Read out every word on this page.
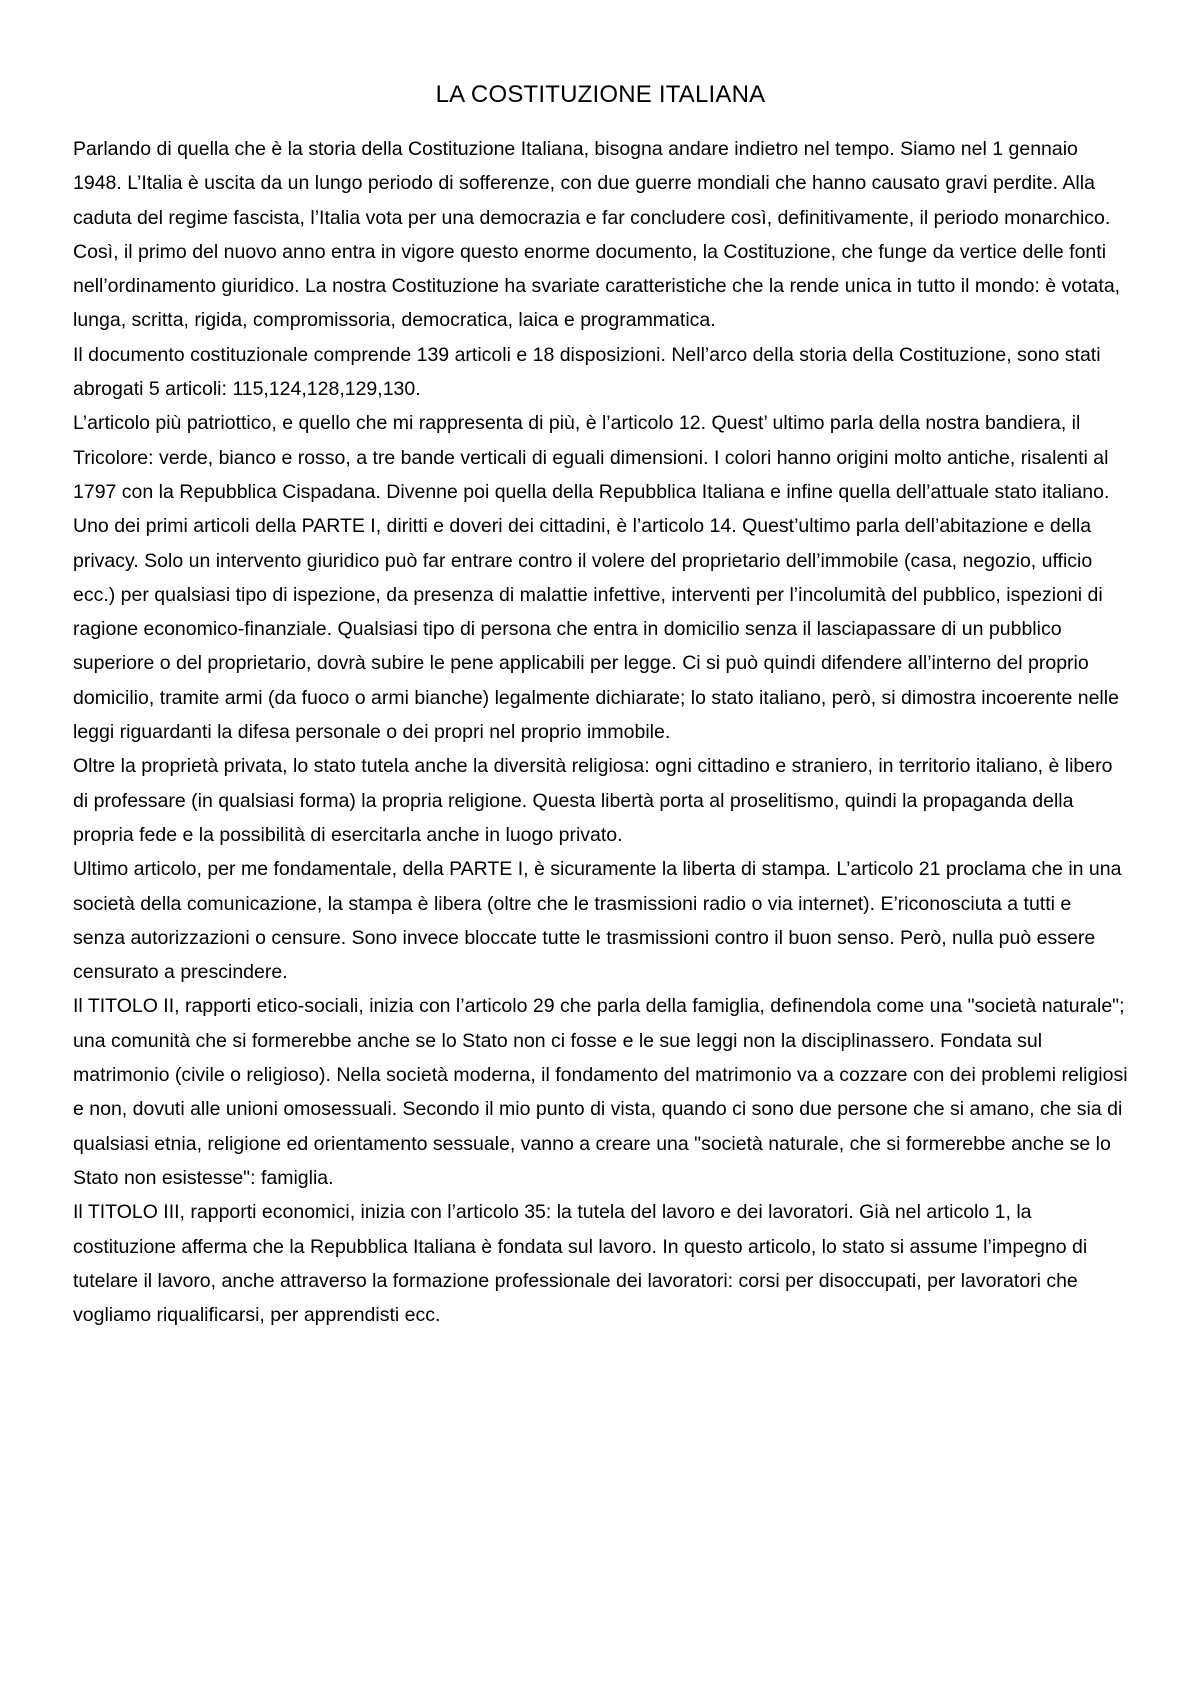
LA COSTITUZIONE ITALIANA

Parlando di quella che è la storia della Costituzione Italiana, bisogna andare indietro nel tempo. Siamo nel 1 gennaio 1948. L’Italia è uscita da un lungo periodo di sofferenze, con due guerre mondiali che hanno causato gravi perdite. Alla caduta del regime fascista, l’Italia vota per una democrazia e far concludere così, definitivamente, il periodo monarchico. Così, il primo del nuovo anno entra in vigore questo enorme documento, la Costituzione, che funge da vertice delle fonti nell’ordinamento giuridico. La nostra Costituzione ha svariate caratteristiche che la rende unica in tutto il mondo: è votata, lunga, scritta, rigida, compromissoria, democratica, laica e programmatica.

Il documento costituzionale comprende 139 articoli e 18 disposizioni. Nell’arco della storia della Costituzione, sono stati abrogati 5 articoli: 115,124,128,129,130.

L’articolo più patriottico, e quello che mi rappresenta di più, è l’articolo 12. Quest’ ultimo parla della nostra bandiera, il Tricolore: verde, bianco e rosso, a tre bande verticali di eguali dimensioni. I colori hanno origini molto antiche, risalenti al 1797 con la Repubblica Cispadana. Divenne poi quella della Repubblica Italiana e infine quella dell’attuale stato italiano.

Uno dei primi articoli della PARTE I, diritti e doveri dei cittadini, è l’articolo 14. Quest’ultimo parla dell’abitazione e della privacy. Solo un intervento giuridico può far entrare contro il volere del proprietario dell’immobile (casa, negozio, ufficio ecc.) per qualsiasi tipo di ispezione, da presenza di malattie infettive, interventi per l’incolumità del pubblico, ispezioni di ragione economico-finanziale. Qualsiasi tipo di persona che entra in domicilio senza il lasciapassare di un pubblico superiore o del proprietario, dovrà subire le pene applicabili per legge. Ci si può quindi difendere all’interno del proprio domicilio, tramite armi (da fuoco o armi bianche) legalmente dichiarate; lo stato italiano, però, si dimostra incoerente nelle leggi riguardanti la difesa personale o dei propri nel proprio immobile.

Oltre la proprietà privata, lo stato tutela anche la diversità religiosa: ogni cittadino e straniero, in territorio italiano, è libero di professare (in qualsiasi forma) la propria religione. Questa libertà porta al proselitismo, quindi la propaganda della propria fede e la possibilità di esercitarla anche in luogo privato.

Ultimo articolo, per me fondamentale, della PARTE I, è sicuramente la liberta di stampa. L’articolo 21 proclama che in una società della comunicazione, la stampa è libera (oltre che le trasmissioni radio o via internet). E’riconosciuta a tutti e senza autorizzazioni o censure. Sono invece bloccate tutte le trasmissioni contro il buon senso. Però, nulla può essere censurato a prescindere.

Il TITOLO II, rapporti etico-sociali, inizia con l’articolo 29 che parla della famiglia, definendola come una "società naturale"; una comunità che si formerebbe anche se lo Stato non ci fosse e le sue leggi non la disciplinassero. Fondata sul matrimonio (civile o religioso). Nella società moderna, il fondamento del matrimonio va a cozzare con dei problemi religiosi e non, dovuti alle unioni omosessuali. Secondo il mio punto di vista, quando ci sono due persone che si amano, che sia di qualsiasi etnia, religione ed orientamento sessuale, vanno a creare una "società naturale, che si formerebbe anche se lo Stato non esistesse": famiglia.

Il TITOLO III, rapporti economici, inizia con l’articolo 35: la tutela del lavoro e dei lavoratori. Già nel articolo 1, la costituzione afferma che la Repubblica Italiana è fondata sul lavoro. In questo articolo, lo stato si assume l’impegno di tutelare il lavoro, anche attraverso la formazione professionale dei lavoratori: corsi per disoccupati, per lavoratori che vogliamo riqualificarsi, per apprendisti ecc.
